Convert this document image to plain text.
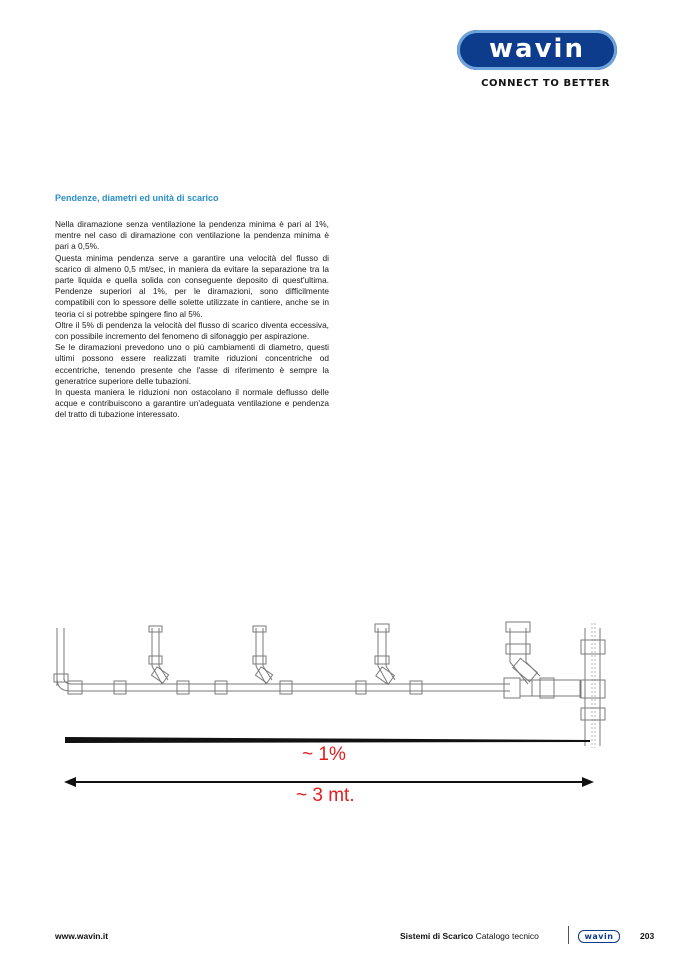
wavin
CONNECT TO BETTER
Pendenze, diametri ed unità di scarico

Nella diramazione senza ventilazione la pendenza minima è pari al 1%, mentre nel caso di diramazione con ventilazione la pendenza minima è pari a 0,5%.

Questa minima pendenza serve a garantire una velocità del flusso di scarico di almeno 0,5 mt/sec, in maniera da evitare la separazione tra la parte liquida e quella solida con conseguente deposito di quest'ultima. Pendenze superiori al 1%, per le diramazioni, sono difficilmente compatibili con lo spessore delle solette utilizzate in cantiere, anche se in teoria ci si potrebbe spingere fino al 5%.

Oltre il 5% di pendenza la velocità del flusso di scarico diventa eccessiva, con possibile incremento del fenomeno di sifonaggio per aspirazione.

Se le diramazioni prevedono uno o più cambiamenti di diametro, questi ultimi possono essere realizzati tramite riduzioni concentriche od eccentriche, tenendo presente che l'asse di riferimento è sempre la generatrice superiore delle tubazioni.

In questa maniera le riduzioni non ostacolano il normale deflusso delle acque e contribuiscono a garantire un'adeguata ventilazione e pendenza del tratto di tubazione interessato.

~ 1%
~ 3 mt.
www.wavin.it	Sistemi di Scarico Catalogo tecnico	wavin	203
